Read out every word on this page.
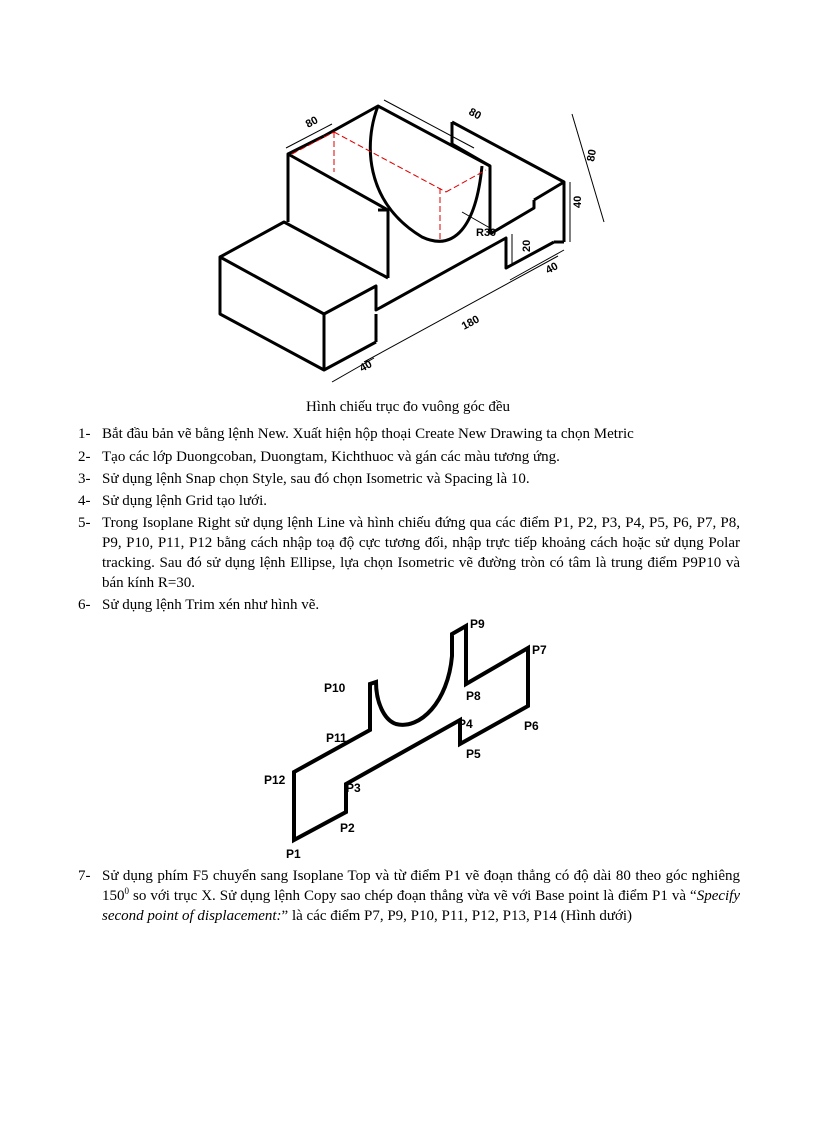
80
80
80
40
R30
20
40
180
40
Hình chiếu trục đo vuông góc đều
1- Bắt đầu bản vẽ bằng lệnh New. Xuất hiện hộp thoại Create New Drawing ta chọn Metric
2- Tạo các lớp Duongcoban, Duongtam, Kichthuoc và gán các màu tương ứng.
3- Sử dụng lệnh Snap chọn Style, sau đó chọn Isometric và Spacing là 10.
4- Sử dụng lệnh Grid tạo lưới.
5- Trong Isoplane Right sử dụng lệnh Line và hình chiếu đứng qua các điểm P1, P2, P3, P4, P5, P6, P7, P8, P9, P10, P11, P12 bằng cách nhập toạ độ cực tương đối, nhập trực tiếp khoảng cách hoặc sử dụng Polar tracking. Sau đó sử dụng lệnh Ellipse, lựa chọn Isometric vẽ đường tròn có tâm là trung điểm P9P10 và bán kính R=30.
6- Sử dụng lệnh Trim xén như hình vẽ.
P9
P7
P10
P8
P4	P6
P11
P5
P12
P3
P2
P1
7- Sử dụng phím F5 chuyển sang Isoplane Top và từ điểm P1 vẽ đoạn thẳng có độ dài 80 theo góc nghiêng $150^0$ so với trục X. Sử dụng lệnh Copy sao chép đoạn thẳng vừa vẽ với Base point là điểm P1 và “Specify second point of displacement:” là các điểm P7, P9, P10, P11, P12, P13, P14 (Hình dưới)
